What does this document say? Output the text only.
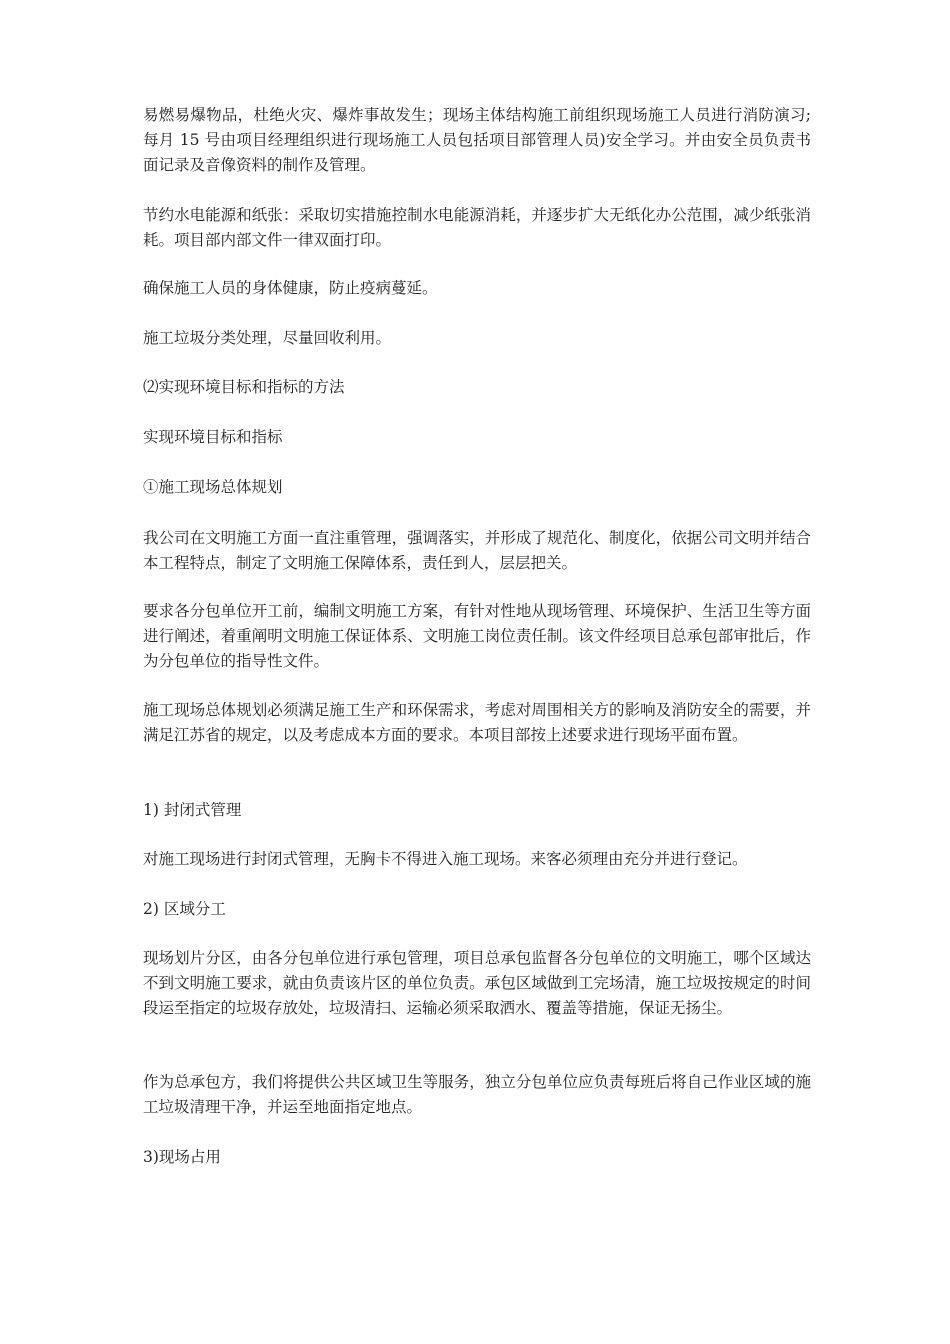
易燃易爆物品，杜绝火灾、爆炸事故发生；现场主体结构施工前组织现场施工人员进行消防演习;每月 15 号由项目经理组织进行现场施工人员包括项目部管理人员)安全学习。并由安全员负责书面记录及音像资料的制作及管理。

节约水电能源和纸张：采取切实措施控制水电能源消耗，并逐步扩大无纸化办公范围，减少纸张消耗。项目部内部文件一律双面打印。

确保施工人员的身体健康，防止疫病蔓延。

施工垃圾分类处理，尽量回收利用。

⑵实现环境目标和指标的方法

实现环境目标和指标

①施工现场总体规划

我公司在文明施工方面一直注重管理，强调落实，并形成了规范化、制度化，依据公司文明并结合本工程特点，制定了文明施工保障体系，责任到人，层层把关。

要求各分包单位开工前，编制文明施工方案，有针对性地从现场管理、环境保护、生活卫生等方面进行阐述，着重阐明文明施工保证体系、文明施工岗位责任制。该文件经项目总承包部审批后，作为分包单位的指导性文件。

施工现场总体规划必须满足施工生产和环保需求，考虑对周围相关方的影响及消防安全的需要，并满足江苏省的规定，以及考虑成本方面的要求。本项目部按上述要求进行现场平面布置。

1) 封闭式管理

对施工现场进行封闭式管理，无胸卡不得进入施工现场。来客必须理由充分并进行登记。

2) 区域分工

现场划片分区，由各分包单位进行承包管理，项目总承包监督各分包单位的文明施工，哪个区域达不到文明施工要求，就由负责该片区的单位负责。承包区域做到工完场清，施工垃圾按规定的时间段运至指定的垃圾存放处，垃圾清扫、运输必须采取洒水、覆盖等措施，保证无扬尘。

作为总承包方，我们将提供公共区域卫生等服务，独立分包单位应负责每班后将自己作业区域的施工垃圾清理干净，并运至地面指定地点。

3)现场占用
